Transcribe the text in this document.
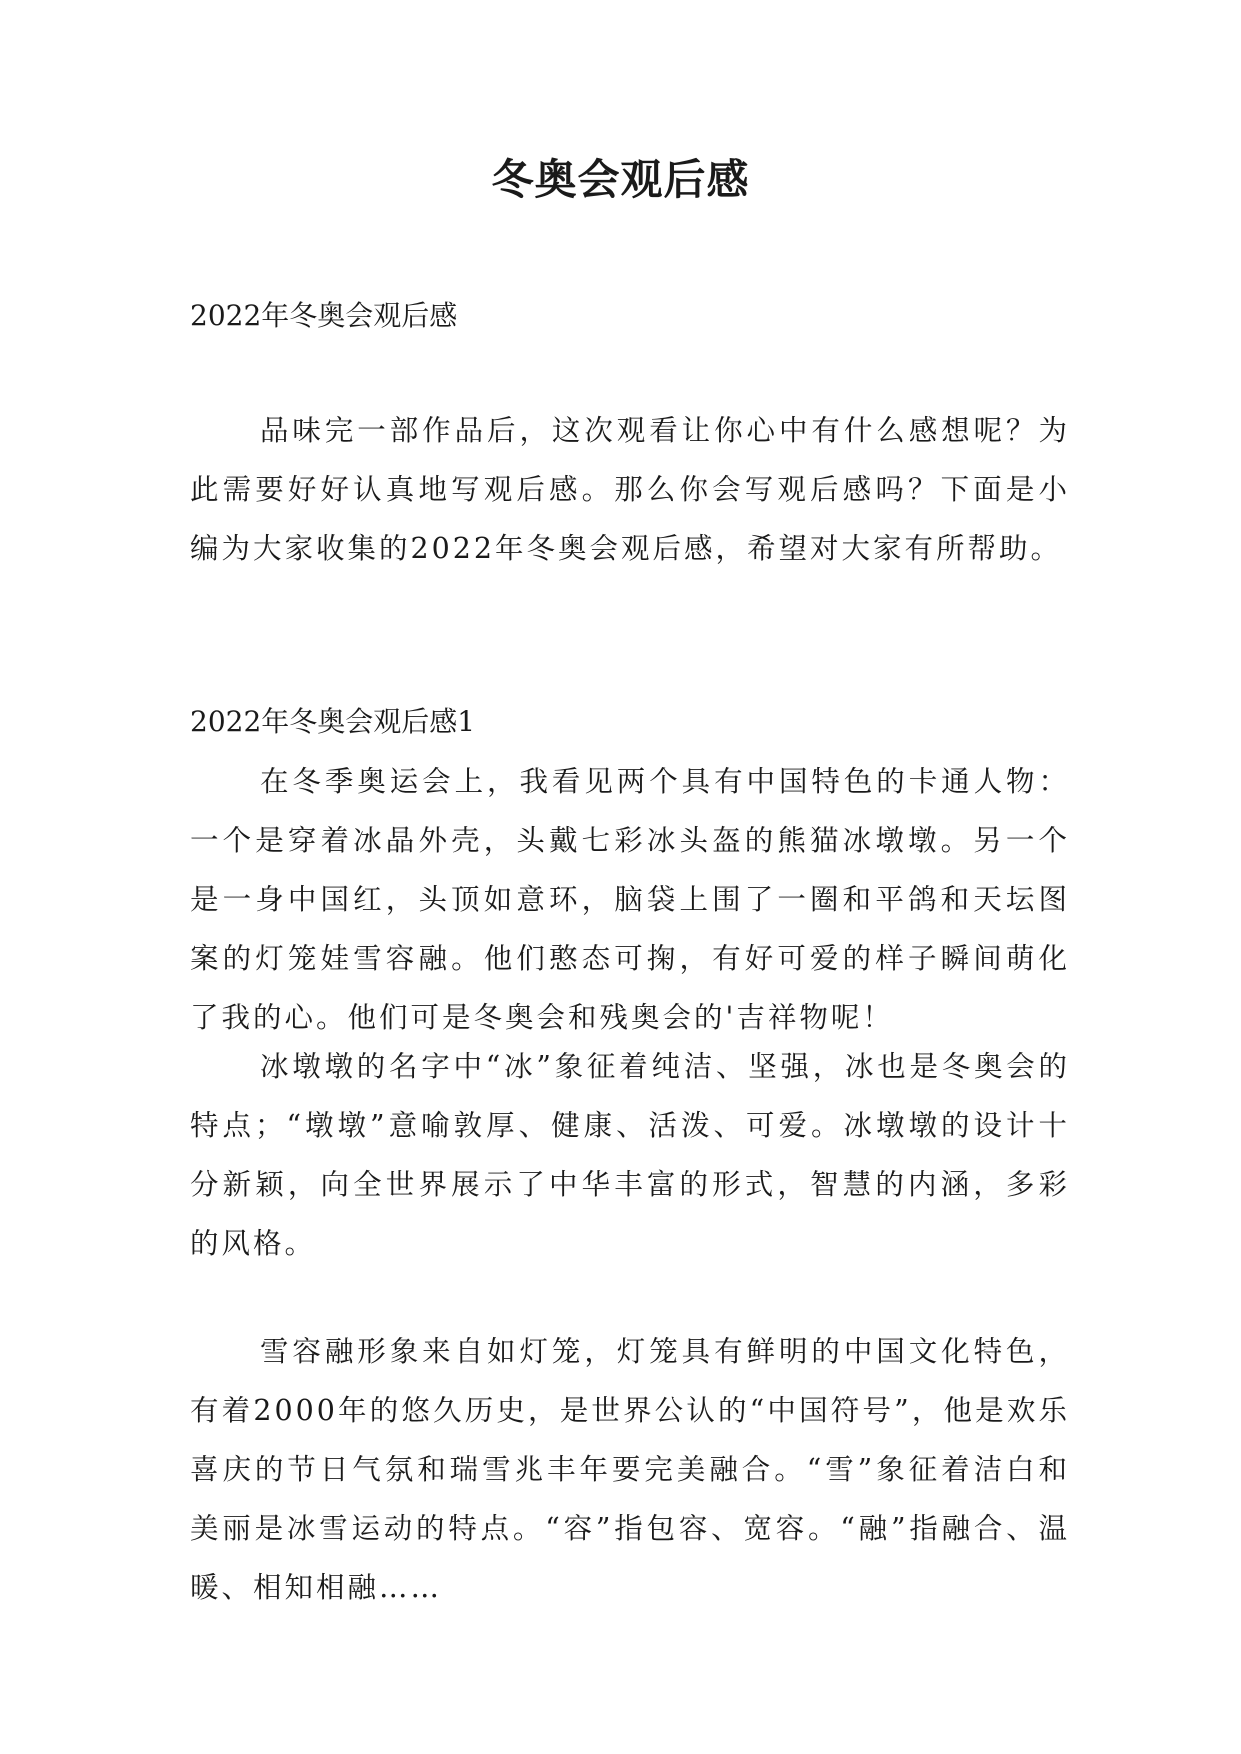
冬奥会观后感

2022年冬奥会观后感

品味完一部作品后，这次观看让你心中有什么感想呢？为此需要好好认真地写观后感。那么你会写观后感吗？下面是小编为大家收集的2022年冬奥会观后感，希望对大家有所帮助。

2022年冬奥会观后感1

在冬季奥运会上，我看见两个具有中国特色的卡通人物：一个是穿着冰晶外壳，头戴七彩冰头盔的熊猫冰墩墩。另一个是一身中国红，头顶如意环，脑袋上围了一圈和平鸽和天坛图案的灯笼娃雪容融。他们憨态可掬，有好可爱的样子瞬间萌化了我的心。他们可是冬奥会和残奥会的'吉祥物呢！

冰墩墩的名字中“冰”象征着纯洁、坚强，冰也是冬奥会的特点；“墩墩”意喻敦厚、健康、活泼、可爱。冰墩墩的设计十分新颖，向全世界展示了中华丰富的形式，智慧的内涵，多彩的风格。

雪容融形象来自如灯笼，灯笼具有鲜明的中国文化特色，有着2000年的悠久历史，是世界公认的“中国符号”，他是欢乐喜庆的节日气氛和瑞雪兆丰年要完美融合。“雪”象征着洁白和美丽是冰雪运动的特点。“容”指包容、宽容。“融”指融合、温暖、相知相融……
